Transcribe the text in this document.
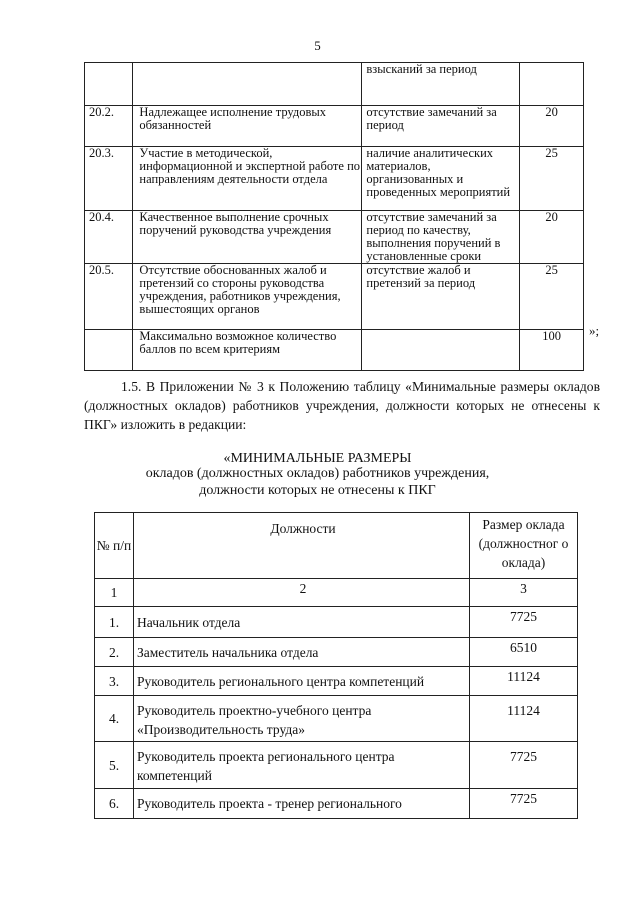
5
		взысканий за период	
20.2.	Надлежащее исполнение трудовых обязанностей	отсутствие замечаний за период	20
20.3.	Участие в методической, информационной и экспертной работе по направлениям деятельности отдела	наличие аналитических материалов, организованных и проведенных мероприятий	25
20.4.	Качественное выполнение срочных поручений руководства учреждения	отсутствие замечаний за период по качеству, выполнения поручений в установленные сроки	20
20.5.	Отсутствие обоснованных жалоб и претензий со стороны руководства учреждения, работников учреждения, вышестоящих органов	отсутствие жалоб и претензий за период	25
	Максимально возможное количество баллов по всем критериям		100 »;
1.5. В Приложении № 3 к Положению таблицу «Минимальные размеры окладов (должностных окладов) работников учреждения, должности которых не отнесены к ПКГ» изложить в редакции:
«МИНИМАЛЬНЫЕ РАЗМЕРЫ
окладов (должностных окладов) работников учреждения,
должности которых не отнесены к ПКГ
№ п/п	Должности	Размер оклада (должностног о оклада)
1	2	3
1.	Начальник отдела	7725
2.	Заместитель начальника отдела	6510
3.	Руководитель регионального центра компетенций	11124
4.	Руководитель проектно-учебного центра «Производительность труда»	11124
5.	Руководитель проекта регионального центра компетенций	7725
6.	Руководитель проекта - тренер регионального	7725
